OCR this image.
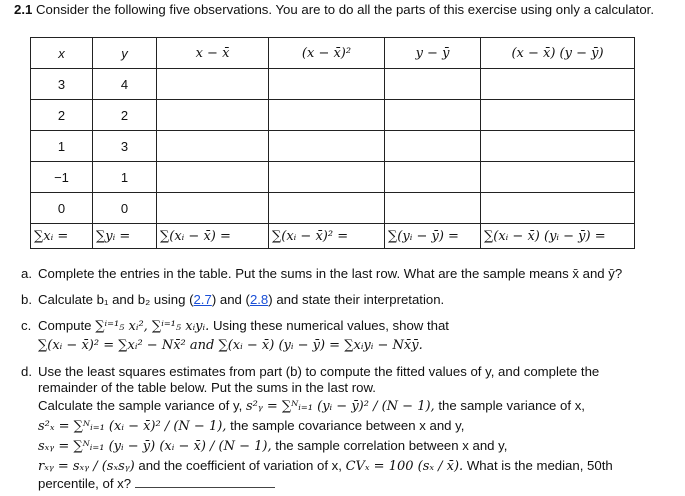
2.1 Consider the following five observations. You are to do all the parts of this exercise using only a calculator.
x	y	x − x̄	(x − x̄)²	y − ȳ	(x − x̄) (y − ȳ)
3	4				
2	2				
1	3				
−1	1				
0	0				
∑xᵢ =	∑yᵢ =	∑(xᵢ − x̄) =	∑(xᵢ − x̄)² =	∑(yᵢ − ȳ) =	∑(xᵢ − x̄) (yᵢ − ȳ) =
a. Complete the entries in the table. Put the sums in the last row. What are the sample means x̄ and ȳ?
b. Calculate b₁ and b₂ using (2.7) and (2.8) and state their interpretation.
c. Compute ∑ⁱ⁼¹₅ xᵢ², ∑ⁱ⁼¹₅ xᵢyᵢ. Using these numerical values, show that
∑(xᵢ − x̄)² = ∑xᵢ² − Nx̄² and ∑(xᵢ − x̄) (yᵢ − ȳ) = ∑xᵢyᵢ − Nx̄ȳ.
d. Use the least squares estimates from part (b) to compute the fitted values of y, and complete the
remainder of the table below. Put the sums in the last row.
Calculate the sample variance of y, s²ᵧ = ∑ᴺᵢ₌₁ (yᵢ − ȳ)² / (N − 1), the sample variance of x,
s²ₓ = ∑ᴺᵢ₌₁ (xᵢ − x̄)² / (N − 1), the sample covariance between x and y,
sₓᵧ = ∑ᴺᵢ₌₁ (yᵢ − ȳ) (xᵢ − x̄) / (N − 1), the sample correlation between x and y,
rₓᵧ = sₓᵧ / (sₓsᵧ) and the coefficient of variation of x, CVₓ = 100 (sₓ / x̄). What is the median, 50th
percentile, of x?
